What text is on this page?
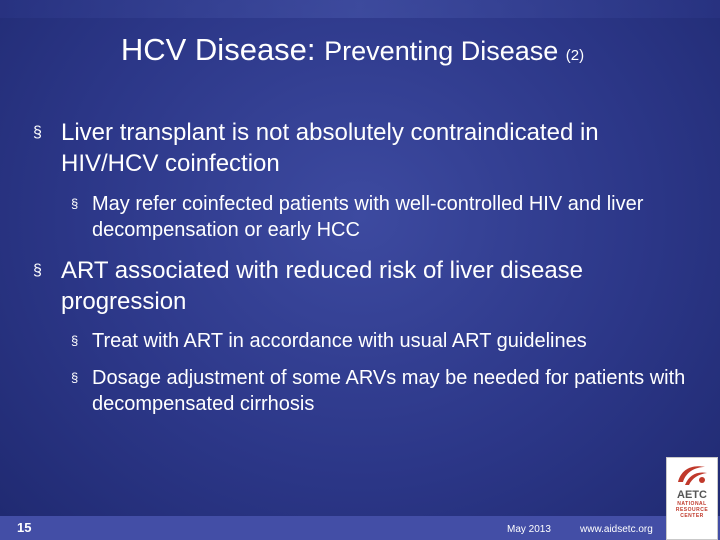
HCV Disease: Preventing Disease (2)
§ Liver transplant is not absolutely contraindicated in HIV/HCV coinfection
§ May refer coinfected patients with well-controlled HIV and liver decompensation or early HCC
§ ART associated with reduced risk of liver disease progression
§ Treat with ART in accordance with usual ART guidelines
§ Dosage adjustment of some ARVs may be needed for patients with decompensated cirrhosis
15	May 2013	www.aidsetc.org
AETC
NATIONAL
RESOURCE
CENTER
